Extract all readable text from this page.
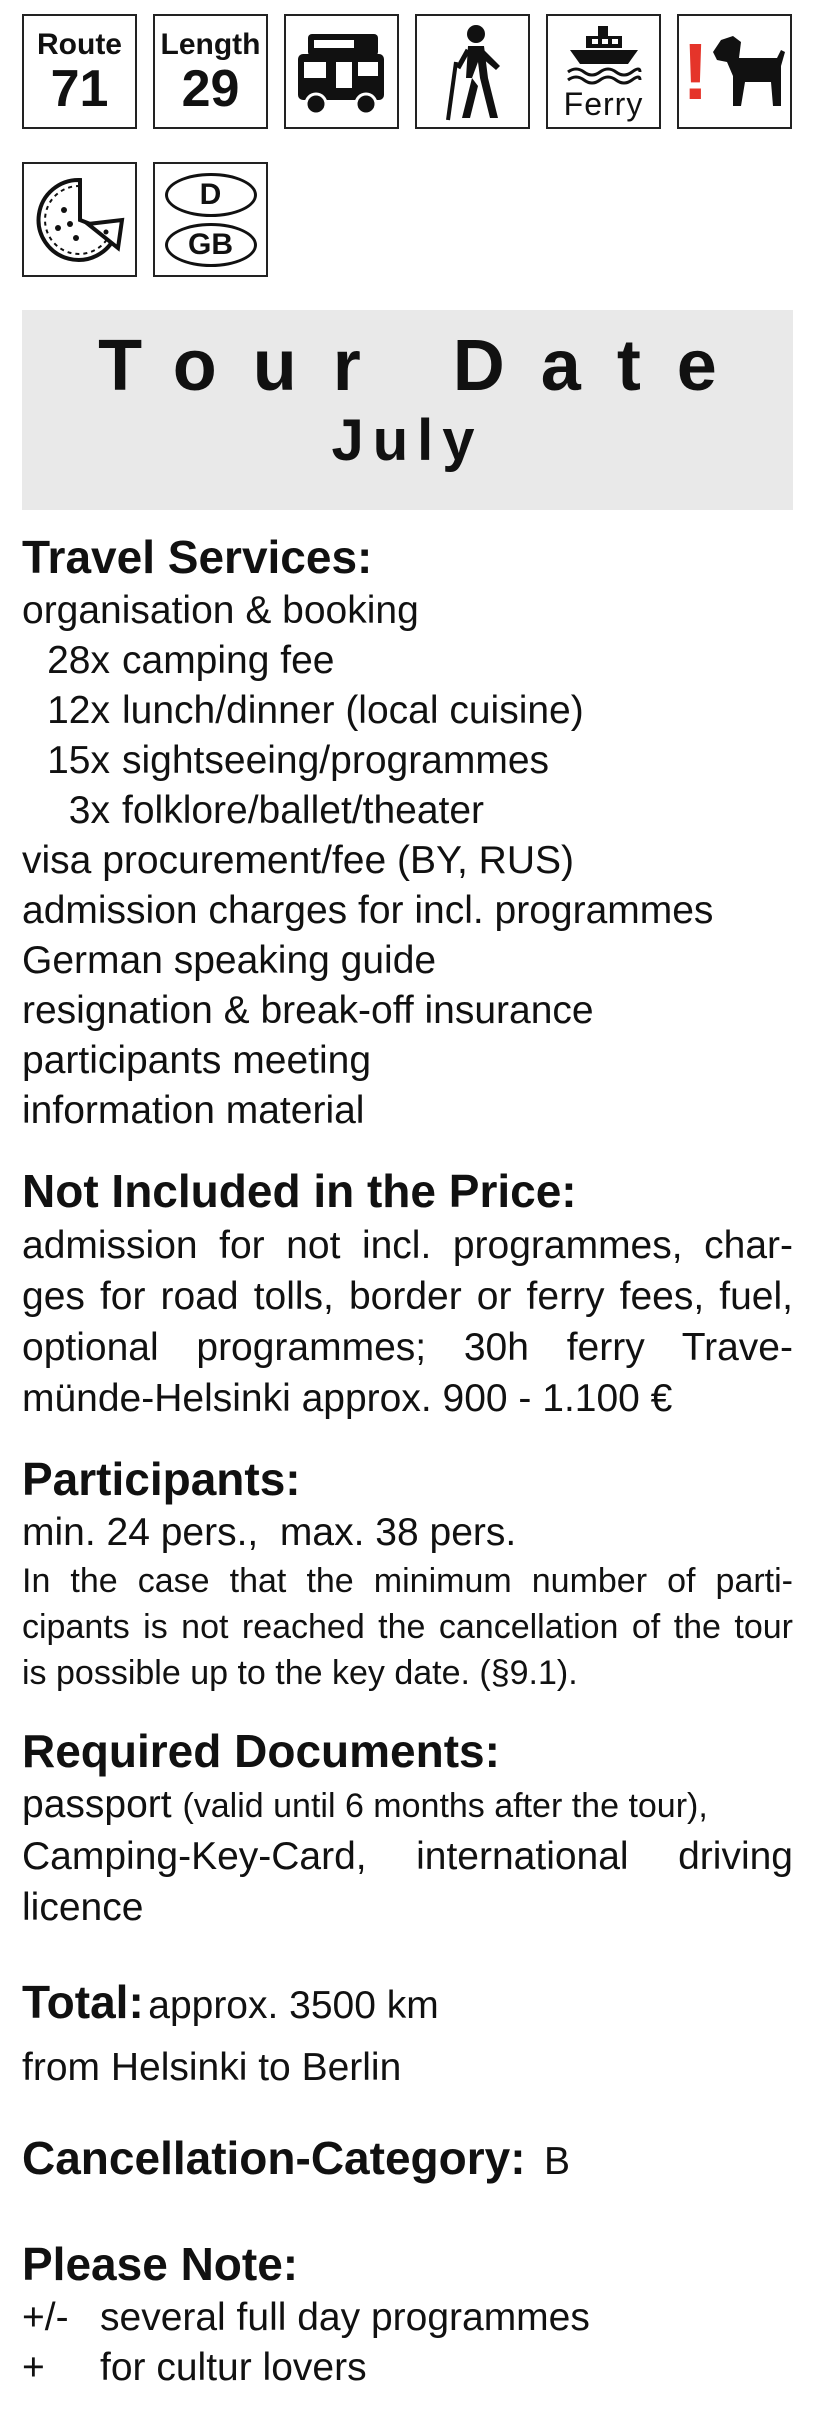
Route
71
Length
29	Ferry !
D
GB
Tour Date
July
Travel Services:
organisation & booking
28x camping fee
12x lunch/dinner (local cuisine)
15x sightseeing/programmes
3x folklore/ballet/theater
visa procurement/fee (BY, RUS)
admission charges for incl. programmes
German speaking guide
resignation & break-off insurance
participants meeting
information material
Not Included in the Price:
admission for not incl. programmes, char-ges for road tolls, border or ferry fees, fuel, optional programmes; 30h ferry Trave-münde-Helsinki approx. 900 - 1.100 €
Participants:
min. 24 pers.,  max. 38 pers.
In the case that the minimum number of parti-cipants is not reached the cancellation of the tour is possible up to the key date. (§9.1).
Required Documents:
passport (valid until 6 months after the tour),
Camping-Key-Card, international driving licence
Total: approx. 3500 km
from Helsinki to Berlin
Cancellation-Category: B
Please Note:
+/- several full day programmes
+ for cultur lovers
